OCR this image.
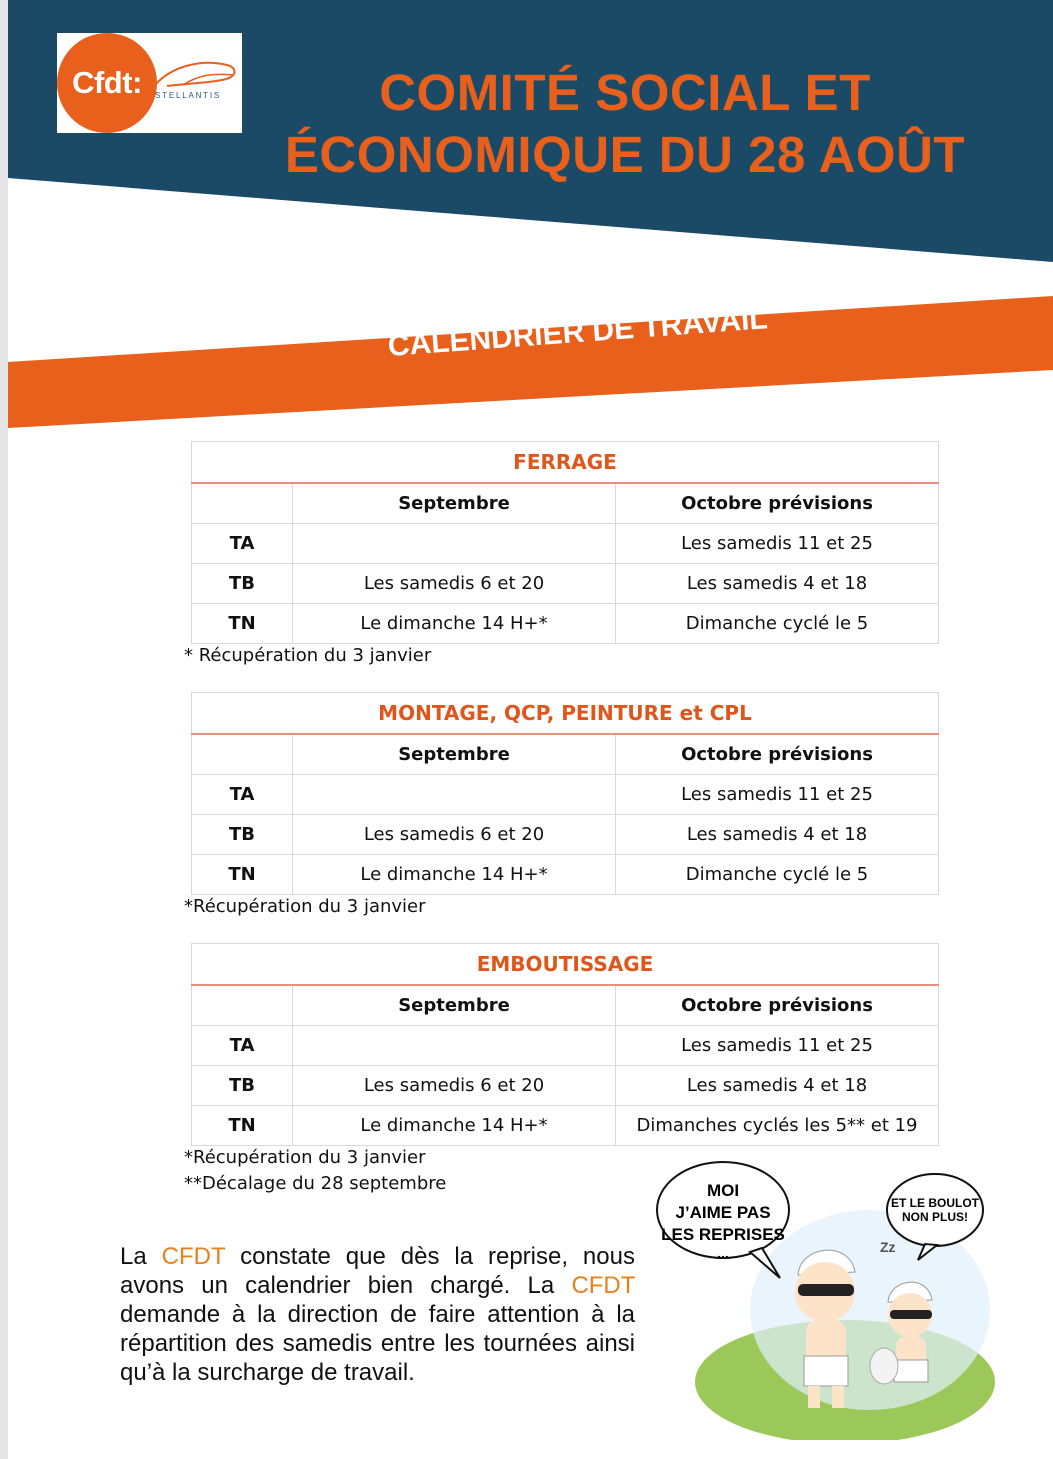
Cfdt:	STELLANTIS	COMITÉ SOCIAL ET
ÉCONOMIQUE DU 28 AOÛT
CALENDRIER DE TRAVAIL
FERRAGE		
	Septembre	Octobre prévisions
TA		Les samedis 11 et 25
TB	Les samedis 6 et 20	Les samedis 4 et 18
TN	Le dimanche 14 H+*	Dimanche cyclé le 5
* Récupération du 3 janvier
MONTAGE, QCP, PEINTURE et CPL		
	Septembre	Octobre prévisions
TA		Les samedis 11 et 25
TB	Les samedis 6 et 20	Les samedis 4 et 18
TN	Le dimanche 14 H+*	Dimanche cyclé le 5
*Récupération du 3 janvier
EMBOUTISSAGE		
	Septembre	Octobre prévisions
TA		Les samedis 11 et 25
TB	Les samedis 6 et 20	Les samedis 4 et 18
TN	Le dimanche 14 H+*	Dimanches cyclés les 5** et 19
*Récupération du 3 janvier
**Décalage du 28 septembre
La CFDT constate que dès la reprise, nous avons un calendrier bien chargé. La CFDT demande à la direction de faire attention à la répartition des samedis entre les tournées ainsi qu’à la surcharge de travail.
MOI
J’AIME PAS
LES REPRISES
...
ET LE BOULOT
NON PLUS!
Zz
